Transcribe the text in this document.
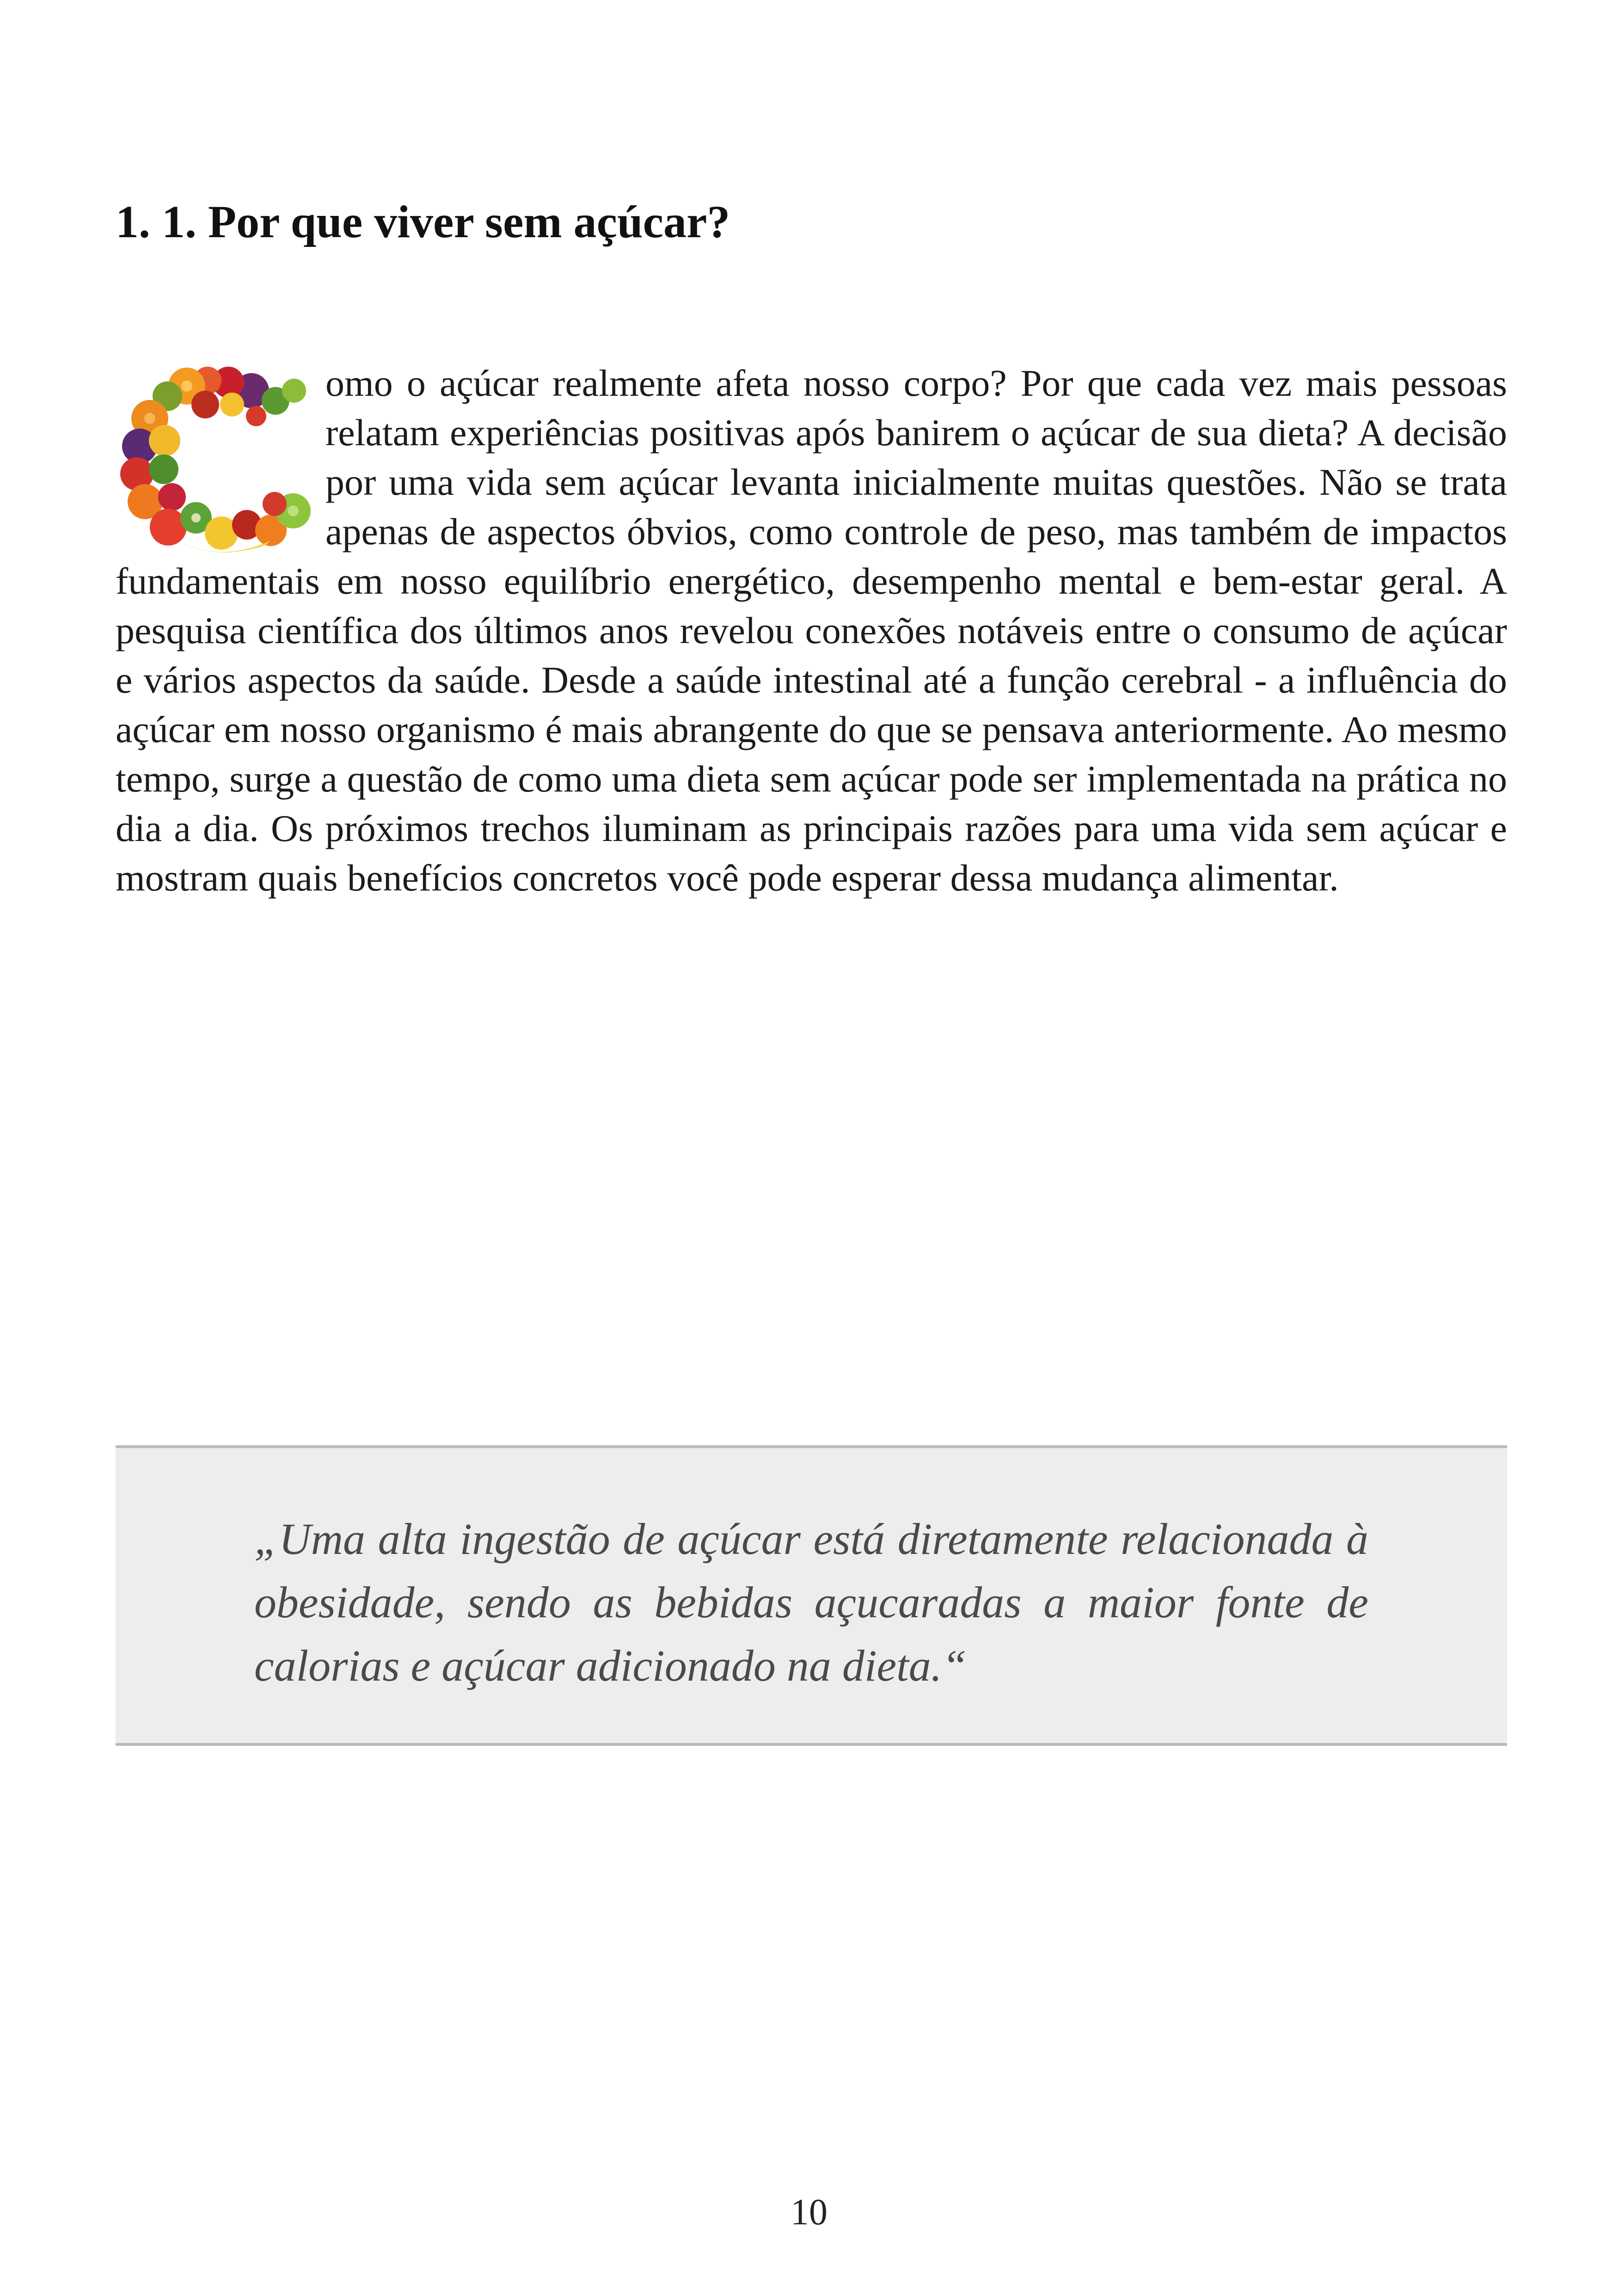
1. 1. Por que viver sem açúcar?

omo o açúcar realmente afeta nosso corpo? Por que cada vez mais pessoas relatam experiências positivas após banirem o açúcar de sua dieta? A decisão por uma vida sem açúcar levanta inicialmente muitas questões. Não se trata apenas de aspectos óbvios, como controle de peso, mas também de impactos fundamentais em nosso equilíbrio energético, desempenho mental e bem-estar geral. A pesquisa científica dos últimos anos revelou conexões notáveis entre o consumo de açúcar e vários aspectos da saúde. Desde a saúde intestinal até a função cerebral - a influência do açúcar em nosso organismo é mais abrangente do que se pensava anteriormente. Ao mesmo tempo, surge a questão de como uma dieta sem açúcar pode ser implementada na prática no dia a dia. Os próximos trechos iluminam as principais razões para uma vida sem açúcar e mostram quais benefícios concretos você pode esperar dessa mudança alimentar.

„Uma alta ingestão de açúcar está diretamente relacionada à obesidade, sendo as bebidas açucaradas a maior fonte de calorias e açúcar adicionado na dieta.“

10
